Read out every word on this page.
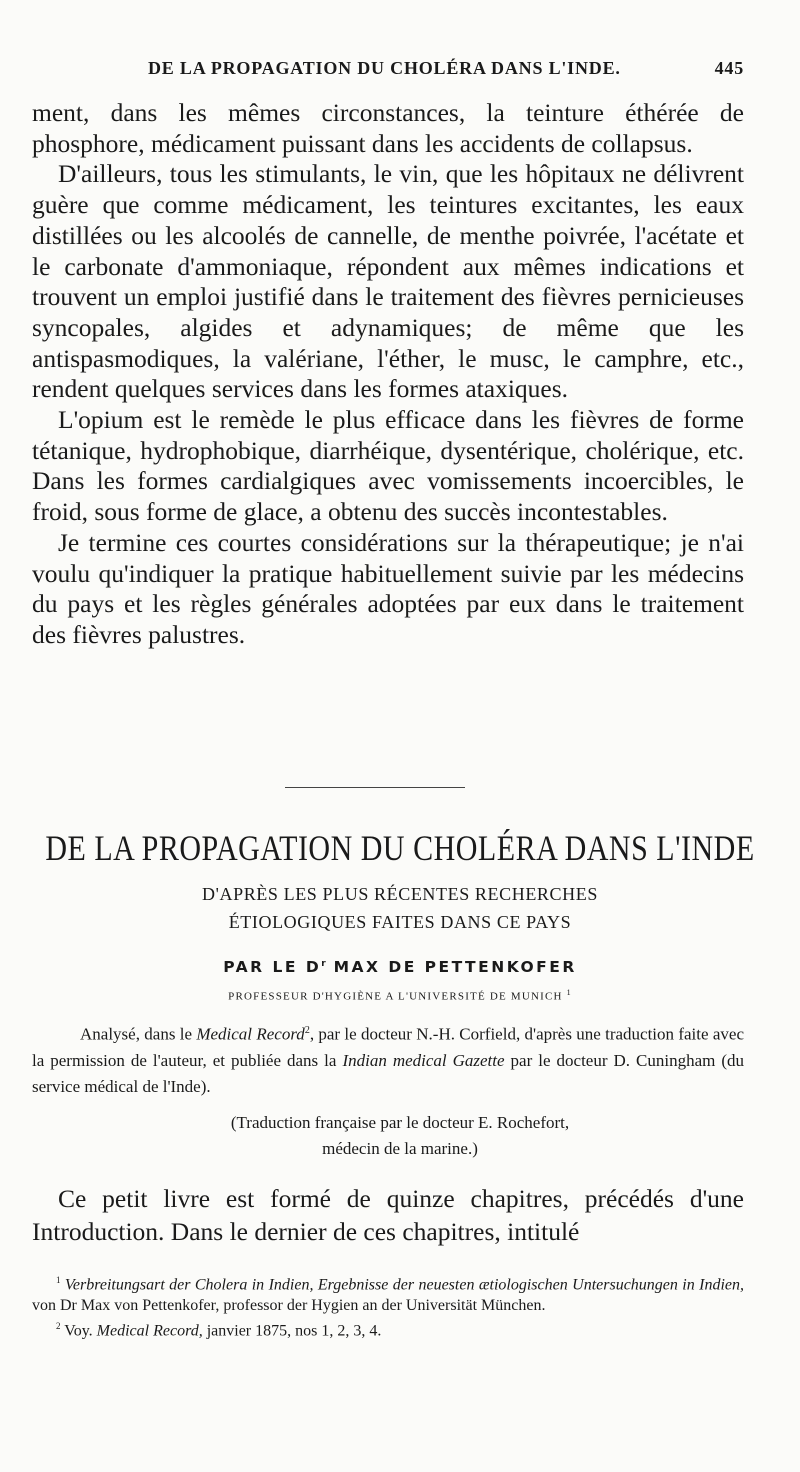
DE LA PROPAGATION DU CHOLÉRA DANS L'INDE.	445

ment, dans les mêmes circonstances, la teinture éthérée de phosphore, médicament puissant dans les accidents de collapsus.

D'ailleurs, tous les stimulants, le vin, que les hôpitaux ne délivrent guère que comme médicament, les teintures excitantes, les eaux distillées ou les alcoolés de cannelle, de menthe poivrée, l'acétate et le carbonate d'ammoniaque, répondent aux mêmes indications et trouvent un emploi justifié dans le traitement des fièvres pernicieuses syncopales, algides et adynamiques; de même que les antispasmodiques, la valériane, l'éther, le musc, le camphre, etc., rendent quelques services dans les formes ataxiques.

L'opium est le remède le plus efficace dans les fièvres de forme tétanique, hydrophobique, diarrhéique, dysentérique, cholérique, etc. Dans les formes cardialgiques avec vomissements incoercibles, le froid, sous forme de glace, a obtenu des succès incontestables.

Je termine ces courtes considérations sur la thérapeutique; je n'ai voulu qu'indiquer la pratique habituellement suivie par les médecins du pays et les règles générales adoptées par eux dans le traitement des fièvres palustres.

DE LA PROPAGATION DU CHOLÉRA DANS L'INDE
D'APRÈS LES PLUS RÉCENTES RECHERCHES ÉTIOLOGIQUES FAITES DANS CE PAYS
PAR LE $D^r$ MAX DE PETTENKOFER
PROFESSEUR D'HYGIÈNE A L'UNIVERSITÉ DE MUNICH $^1$
Analysé, dans le Medical Record$^2$, par le docteur N.-H. Corfield, d'après une traduction faite avec la permission de l'auteur, et publiée dans la Indian medical Gazette par le docteur D. Cuningham (du service médical de l'Inde).
(Traduction française par le docteur E. Rochefort,
médecin de la marine.)
Ce petit livre est formé de quinze chapitres, précédés d'une Introduction. Dans le dernier de ces chapitres, intitulé

$^1$ Verbreitungsart der Cholera in Indien, Ergebnisse der neuesten ætiologischen Untersuchungen in Indien, von Dr Max von Pettenkofer, professor der Hygien an der Universität München.

$^2$ Voy. Medical Record, janvier 1875, nos 1, 2, 3, 4.
